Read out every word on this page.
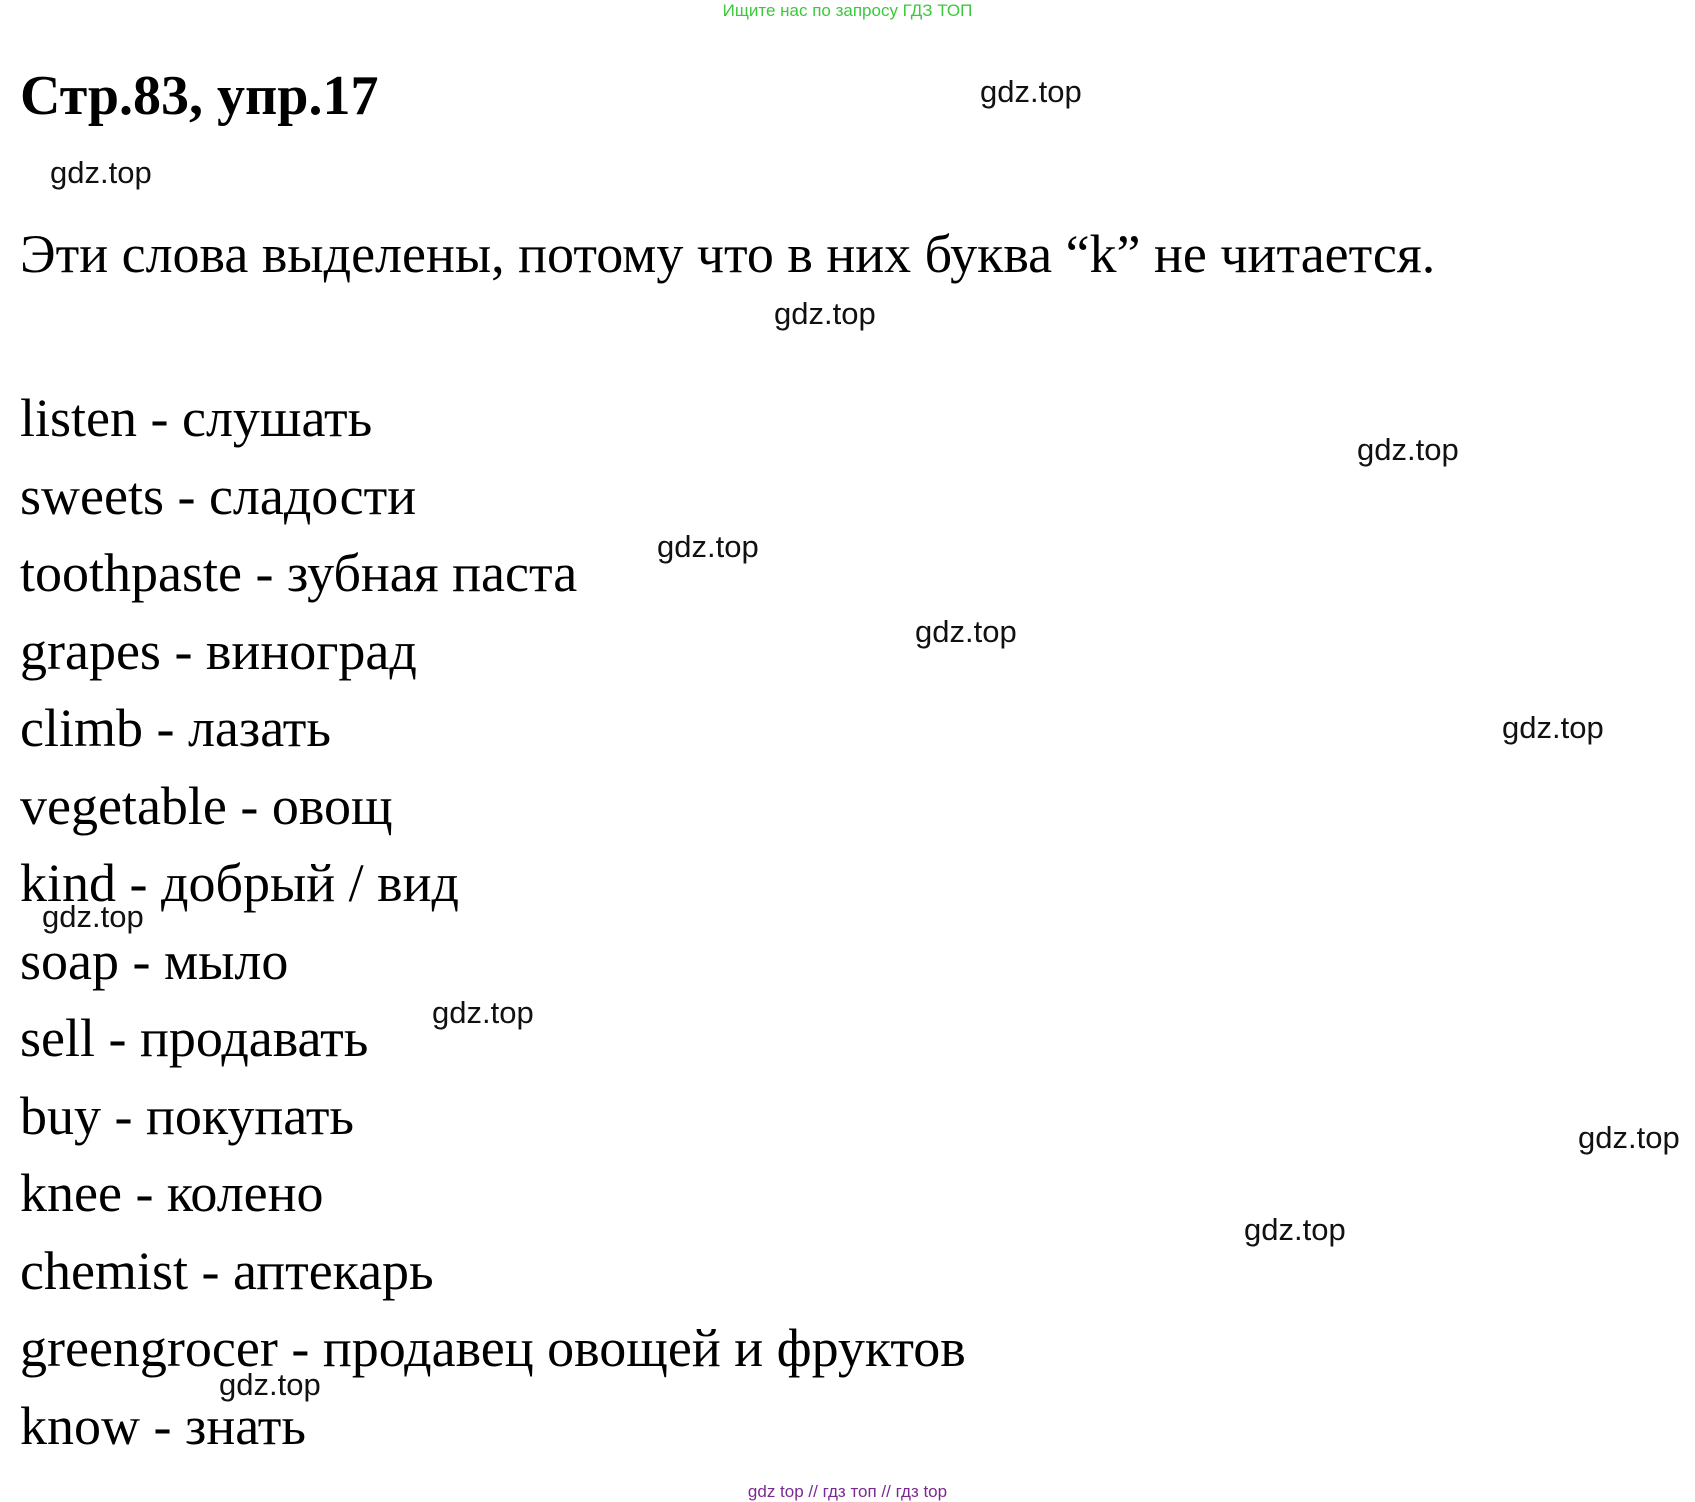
Ищите нас по запросу ГДЗ ТОП
Стр.83, упр.17

Эти слова выделены, потому что в них буква “k” не читается.

listen - слушать
sweets - сладости
toothpaste - зубная паста
grapes - виноград
climb - лазать
vegetable - овощ
kind - добрый / вид
soap - мыло
sell - продавать
buy - покупать
knee - колено
chemist - аптекарь
greengrocer - продавец овощей и фруктов
know - знать
gdz.top
gdz.top
gdz.top
gdz.top
gdz.top
gdz.top
gdz.top
gdz.top
gdz.top
gdz.top
gdz.top
gdz.top
gdz top // гдз топ // гдз top
